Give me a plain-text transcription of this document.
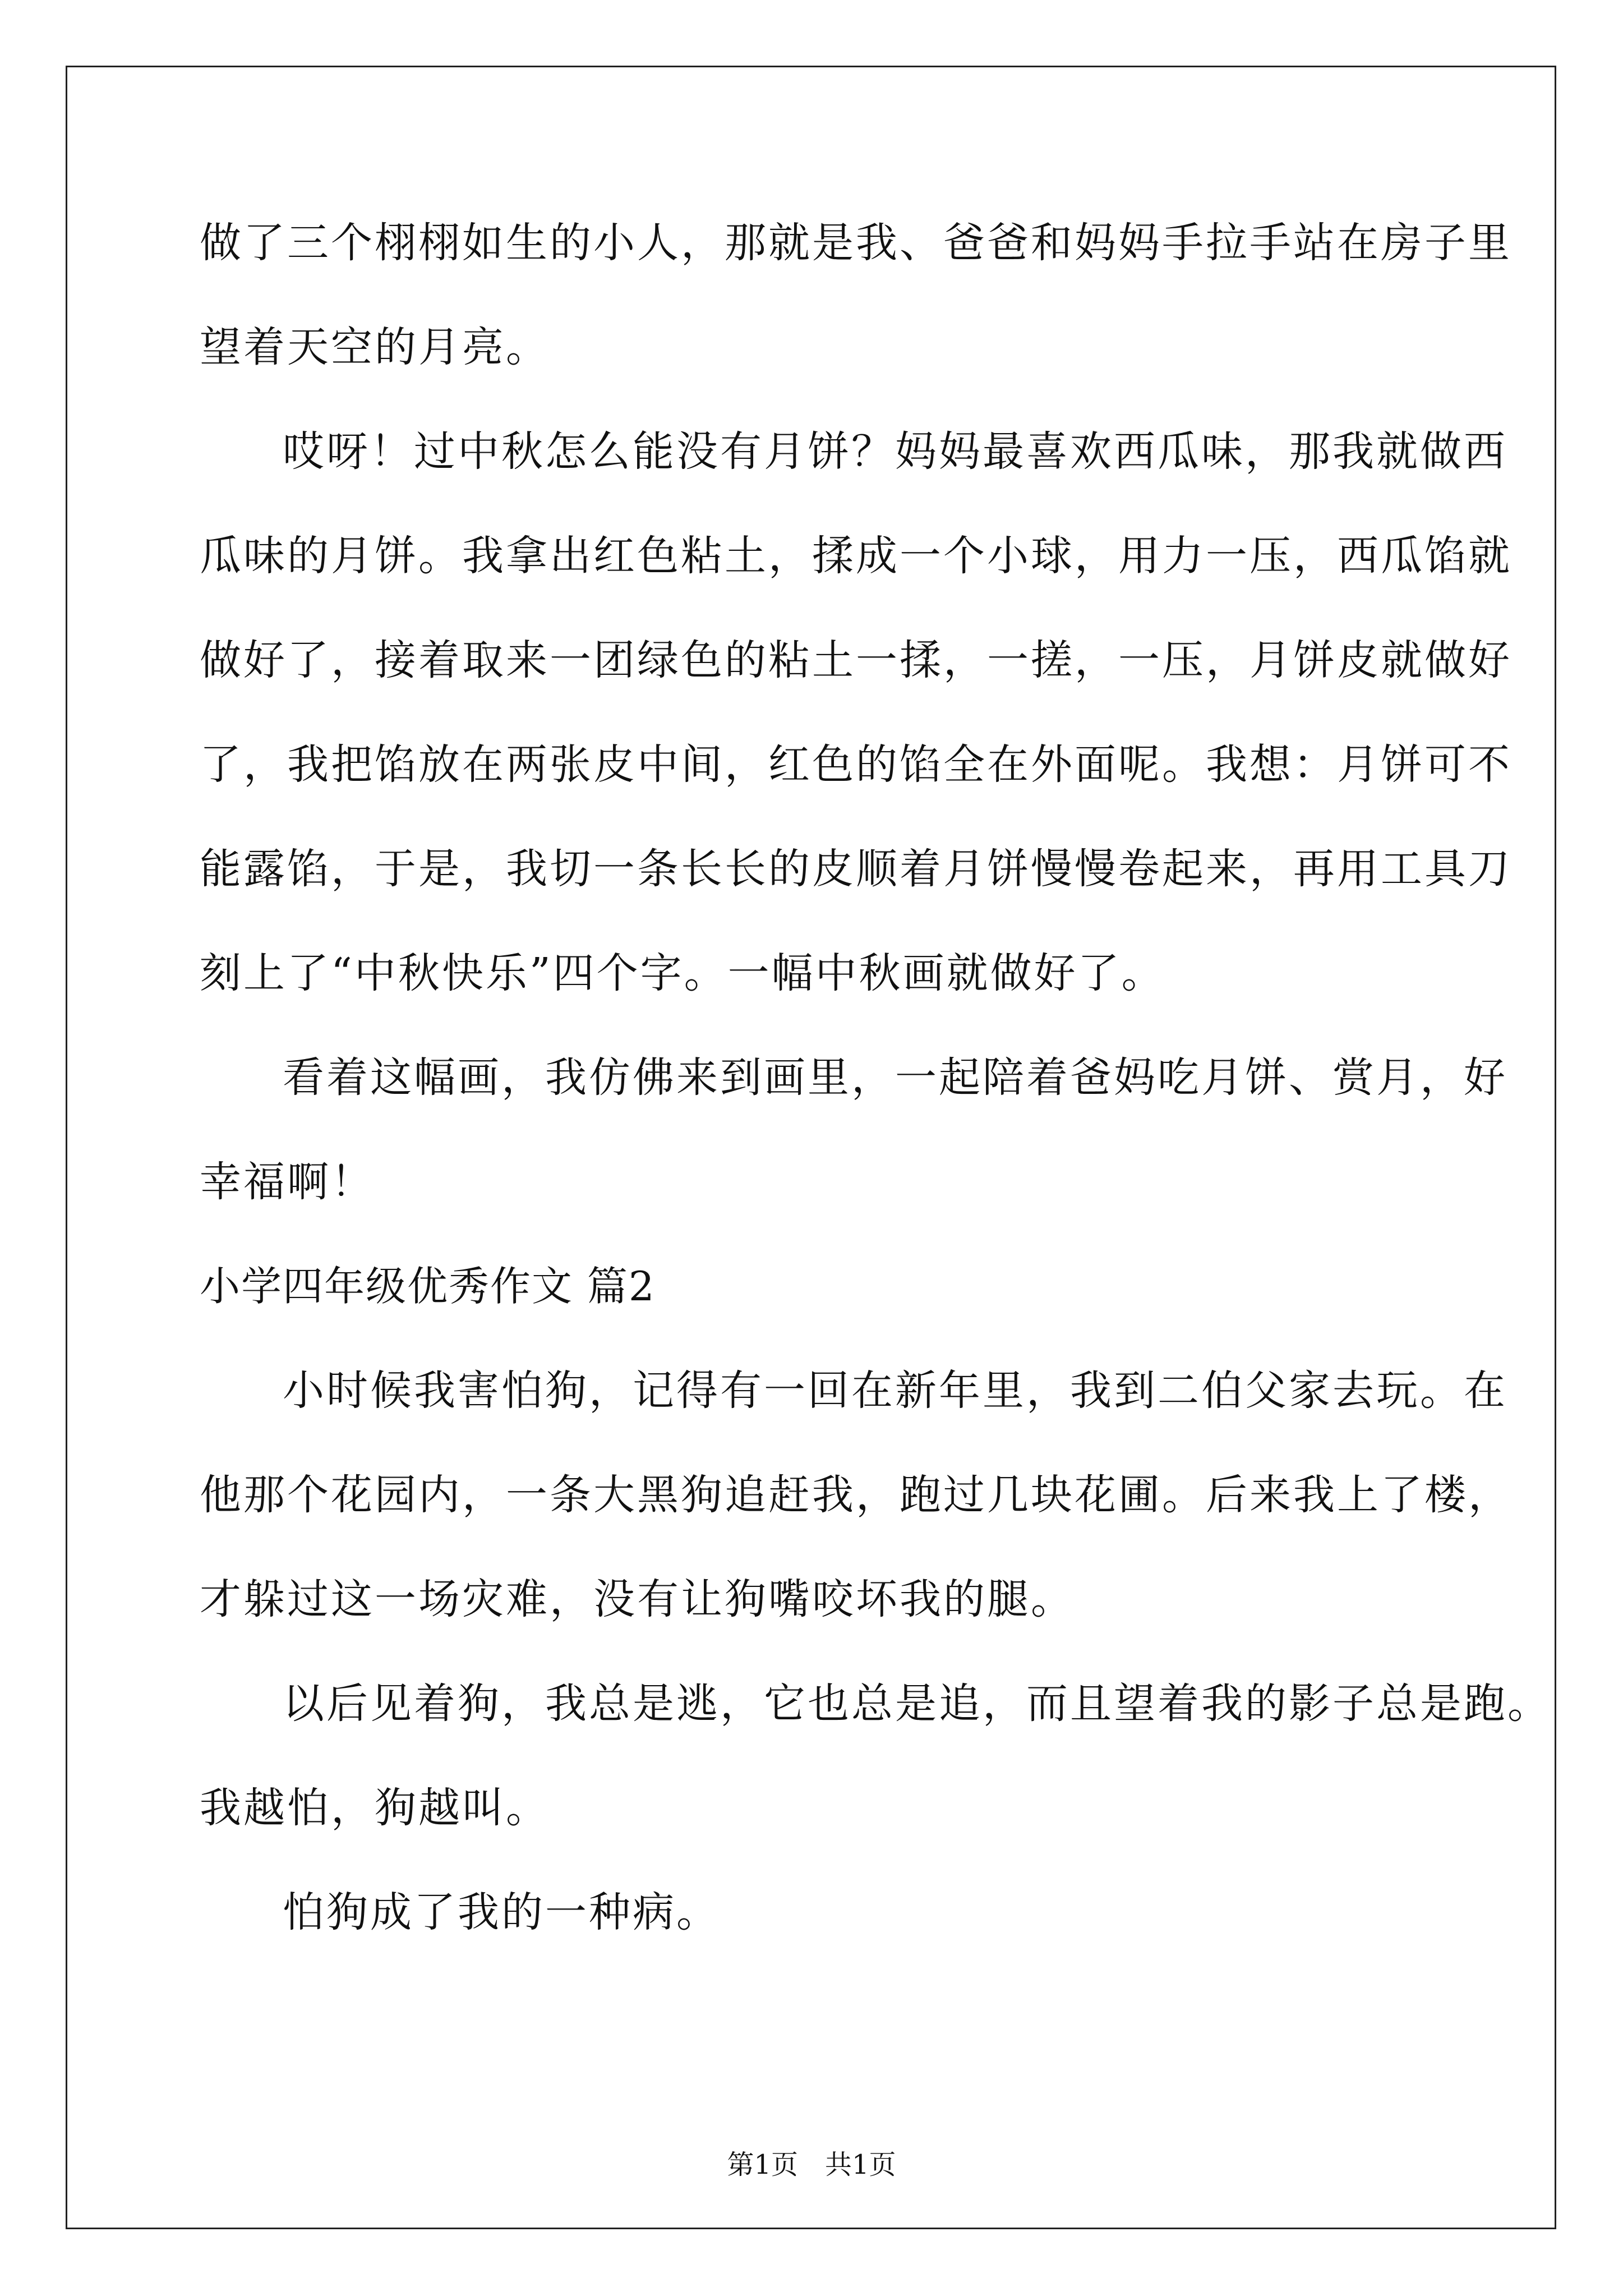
做了三个栩栩如生的小人，那就是我、爸爸和妈妈手拉手站在房子里
望着天空的月亮。
哎呀！过中秋怎么能没有月饼？妈妈最喜欢西瓜味，那我就做西
瓜味的月饼。我拿出红色粘土，揉成一个小球，用力一压，西瓜馅就
做好了，接着取来一团绿色的粘土一揉，一搓，一压，月饼皮就做好
了，我把馅放在两张皮中间，红色的馅全在外面呢。我想：月饼可不
能露馅，于是，我切一条长长的皮顺着月饼慢慢卷起来，再用工具刀
刻上了“中秋快乐”四个字。一幅中秋画就做好了。
看着这幅画，我仿佛来到画里，一起陪着爸妈吃月饼、赏月，好
幸福啊！
小学四年级优秀作文 篇2
小时候我害怕狗，记得有一回在新年里，我到二伯父家去玩。在
他那个花园内，一条大黑狗追赶我，跑过几块花圃。后来我上了楼，
才躲过这一场灾难，没有让狗嘴咬坏我的腿。
以后见着狗，我总是逃，它也总是追，而且望着我的影子总是跑。
我越怕，狗越叫。
怕狗成了我的一种病。
第1页　共1页
